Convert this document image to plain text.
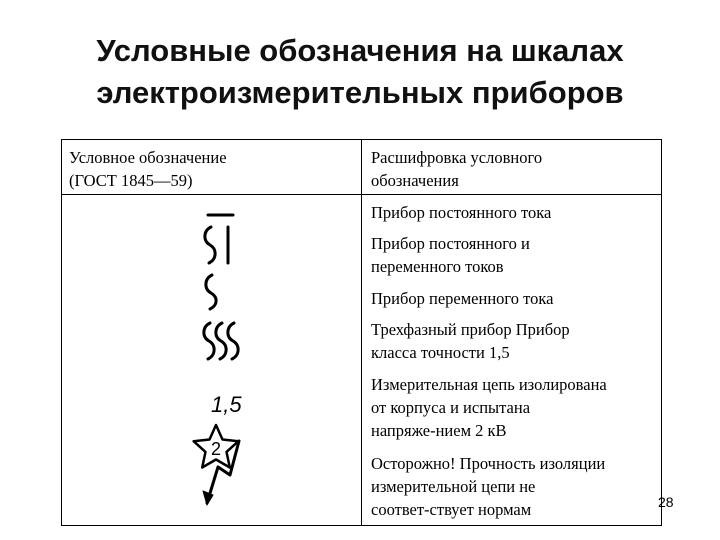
Условные обозначения на шкалах
электроизмерительных приборов
Условное обозначение
(ГОСТ 1845—59)
Расшифровка условного
обозначения
Прибор постоянного тока
Прибор постоянного и
переменного токов
Прибор переменного тока
Трехфазный прибор Прибор
класса точности 1,5
Измерительная цепь изолирована
от корпуса и испытана
напряже-нием 2 кВ
Осторожно! Прочность изоляции
измерительной цепи не
соответ-ствует нормам
1,5
2
28
